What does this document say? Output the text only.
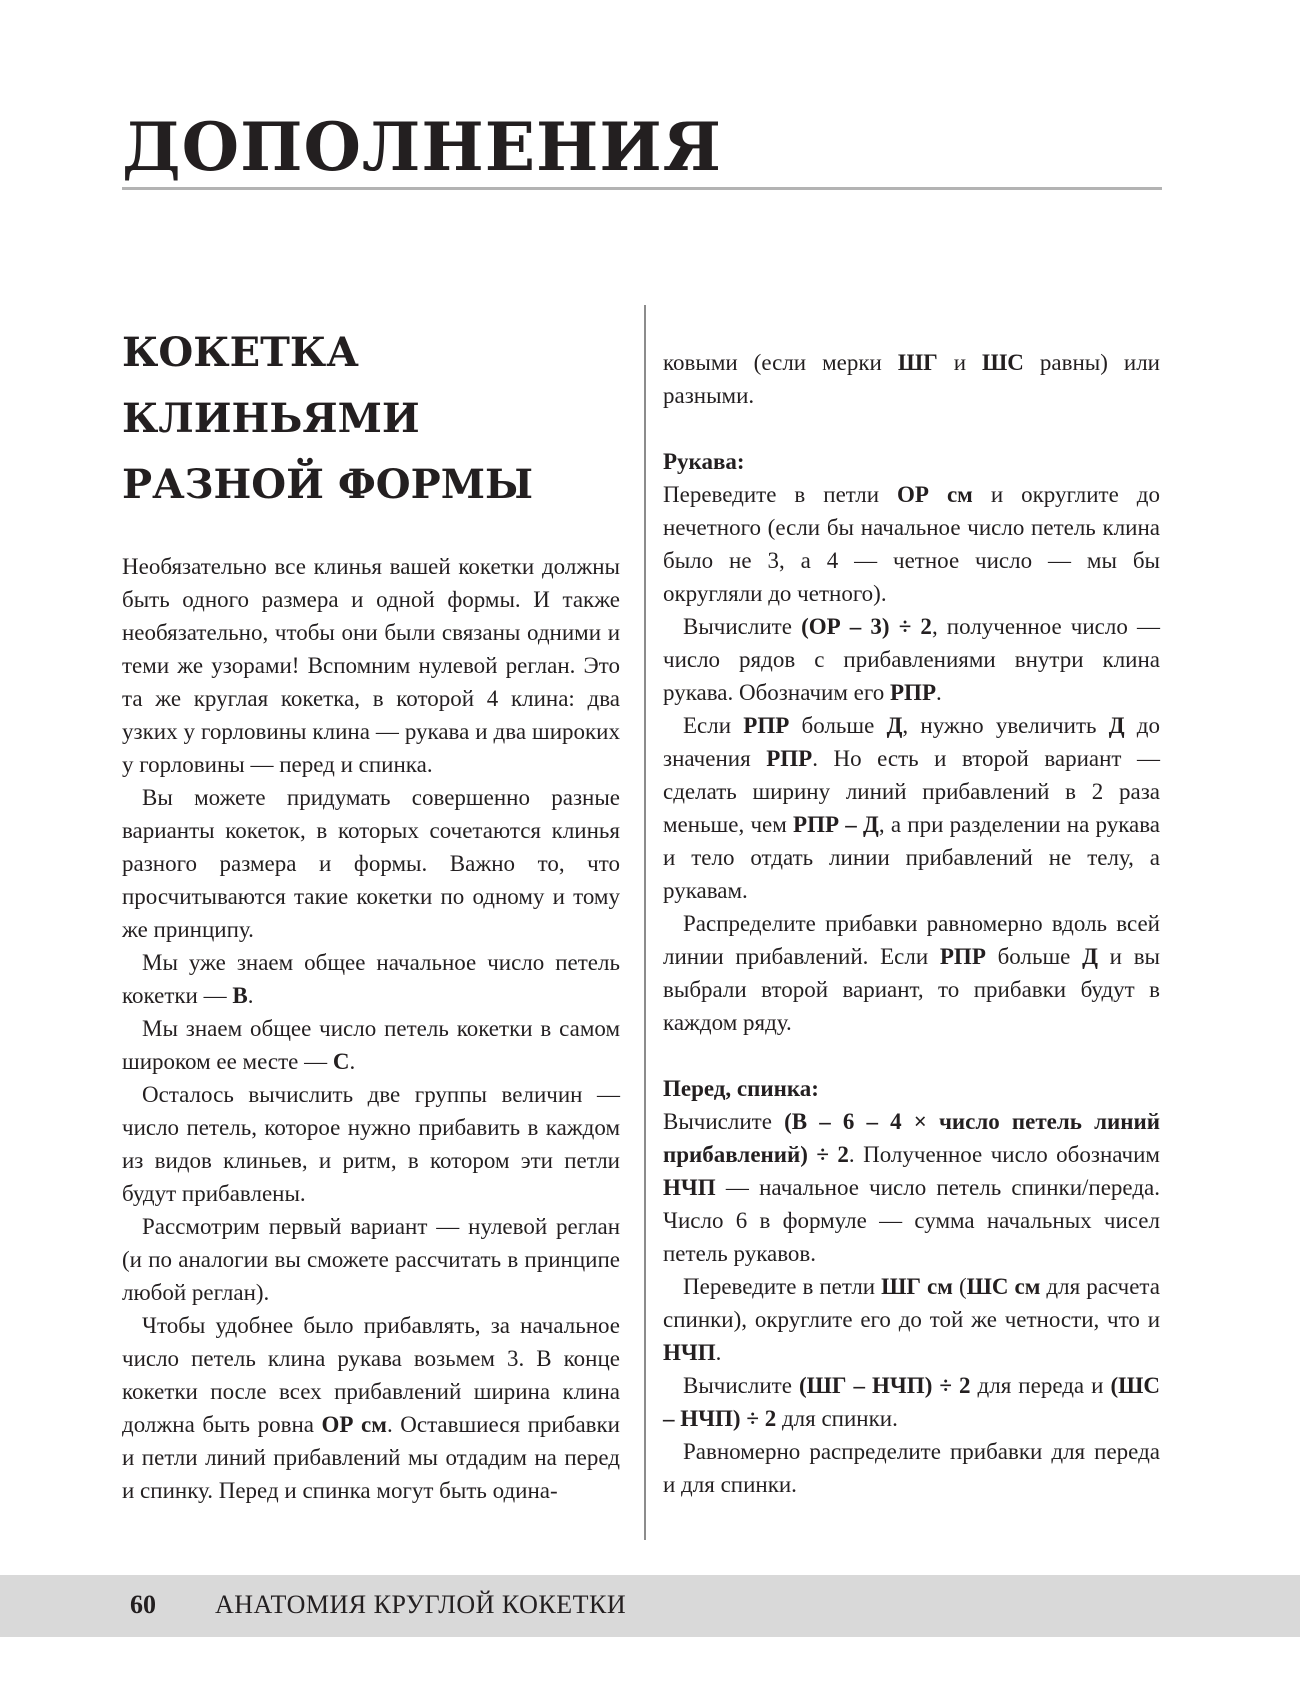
ДОПОЛНЕНИЯ
КОКЕТКА
КЛИНЬЯМИ
РАЗНОЙ ФОРМЫ

Необязательно все клинья вашей кокетки должны быть одного размера и одной формы. И также необязательно, чтобы они были связаны одними и теми же узорами! Вспомним нулевой реглан. Это та же круглая кокетка, в которой 4 клина: два узких у горловины клина — рукава и два широких у горловины — перед и спинка.

Вы можете придумать совершенно разные варианты кокеток, в которых сочетаются клинья разного размера и формы. Важно то, что просчитываются такие кокетки по одному и тому же принципу.

Мы уже знаем общее начальное число петель кокетки — В.

Мы знаем общее число петель кокетки в самом широком ее месте — С.

Осталось вычислить две группы величин — число петель, которое нужно прибавить в каждом из видов клиньев, и ритм, в котором эти петли будут прибавлены.

Рассмотрим первый вариант — нулевой реглан (и по аналогии вы сможете рассчитать в принципе любой реглан).

Чтобы удобнее было прибавлять, за начальное число петель клина рукава возьмем 3. В конце кокетки после всех прибавлений ширина клина должна быть ровна ОР см. Оставшиеся прибавки и петли линий прибавлений мы отдадим на перед и спинку. Перед и спинка могут быть одина-

ковыми (если мерки ШГ и ШС равны) или разными.

Рукава:

Переведите в петли ОР см и округлите до нечетного (если бы начальное число петель клина было не 3, а 4 — четное число — мы бы округляли до четного).

Вычислите (ОР – 3) ÷ 2, полученное число — число рядов с прибавлениями внутри клина рукава. Обозначим его РПР.

Если РПР больше Д, нужно увеличить Д до значения РПР. Но есть и второй вариант — сделать ширину линий прибавлений в 2 раза меньше, чем РПР – Д, а при разделении на рукава и тело отдать линии прибавлений не телу, а рукавам.

Распределите прибавки равномерно вдоль всей линии прибавлений. Если РПР больше Д и вы выбрали второй вариант, то прибавки будут в каждом ряду.

Перед, спинка:

Вычислите (В – 6 – 4 × число петель линий прибавлений) ÷ 2. Полученное число обозначим НЧП — начальное число петель спинки/переда. Число 6 в формуле — сумма начальных чисел петель рукавов.

Переведите в петли ШГ см (ШС см для расчета спинки), округлите его до той же четности, что и НЧП.

Вычислите (ШГ – НЧП) ÷ 2 для переда и (ШС – НЧП) ÷ 2 для спинки.

Равномерно распределите прибавки для переда и для спинки.

60 АНАТОМИЯ КРУГЛОЙ КОКЕТКИ
